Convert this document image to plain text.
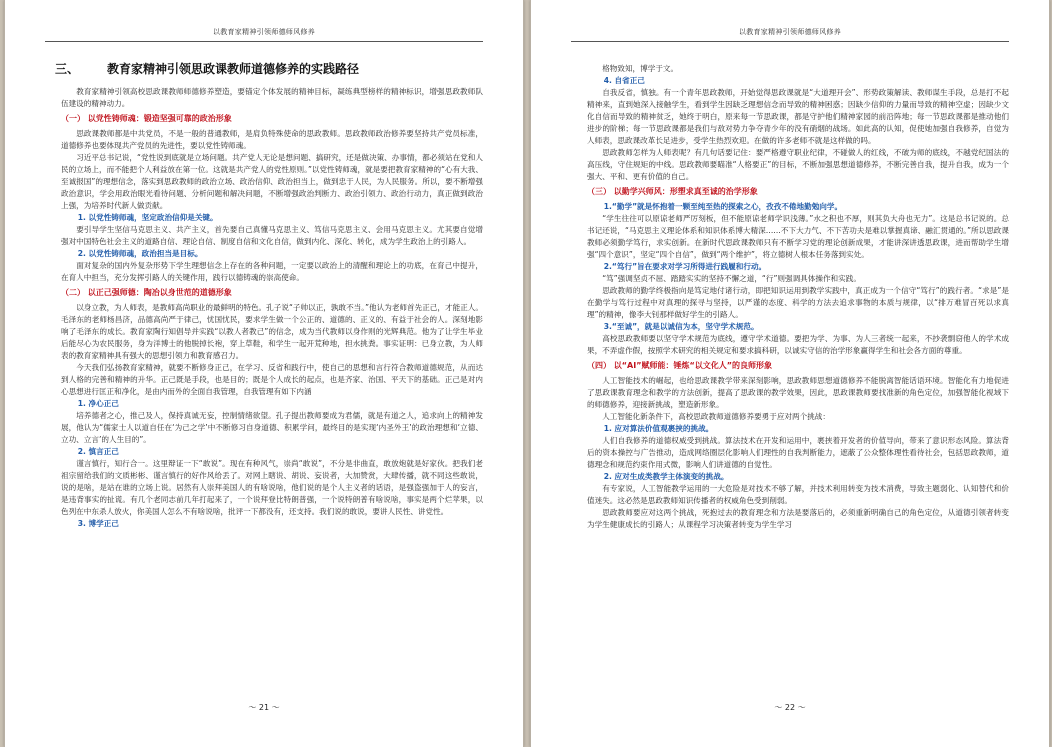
以教育家精神引领师德师风修养
三、 教育家精神引领思政课教师道德修养的实践路径

教育家精神引领高校思政课教师师德修养塑造，要锚定个体发展的精神目标，凝练典型榜样的精神标识，增强思政教师队伍建设的精神动力。

（一） 以党性铸师魂：锻造坚强可靠的政治形象

思政课教师都是中共党员，不是一般的普通教师，是肩负特殊使命的思政教师。思政教师政治修养要坚持共产党员标准，道德修养也要体现共产党员的先进性，要以党性铸师魂。

习近平总书记说，“党性说到底就是立场问题。共产党人无论是想问题、搞研究，还是做决策、办事情，都必须站在党和人民的立场上，而不能把个人利益放在第一位。这就是共产党人的党性原则。”以党性铸师魂，就是要把教育家精神的“心有大我、至诚报国”的理想信念，落实到思政教师的政治立场、政治信仰、政治担当上，做到忠于人民，为人民服务。所以，要不断增强政治意识，学会用政治眼光看待问题、分析问题和解决问题，不断增强政治判断力、政治引领力、政治行动力，真正做到政治上强，为培养时代新人做贡献。

1. 以党性铸师魂，坚定政治信仰是关键。

要引导学生坚信马克思主义、共产主义，首先要自己真懂马克思主义、笃信马克思主义、会用马克思主义。尤其要自觉增强对中国特色社会主义的道路自信、理论自信、制度自信和文化自信，做到内化、深化、转化，成为学生政治上的引路人。

2. 以党性铸师魂，政治担当是目标。

面对复杂的国内外复杂形势下学生理想信念上存在的各种问题，一定要以政治上的清醒和理论上的功底，在育己中提升，在育人中担当，充分发挥引路人的关键作用，践行以德铸魂的崇高使命。

（二） 以正己强师德：陶冶以身世范的道德形象

以身立教，为人师表，是教师高尚职业的最鲜明的特色。孔子说“子帅以正，孰敢不当。”他认为老师首先正己，才能正人。毛泽东的老师杨昌济，品德高尚严于律己，忧国忧民，要求学生做一个公正的、道德的、正义的、有益于社会的人。深刻地影响了毛泽东的成长。教育家陶行知倡导并实践“以教人者教己”的信念，成为当代教师以身作则的光辉典范。他为了让学生毕业后能尽心为农民服务，身为洋博士的他脱掉长袍，穿上草鞋，和学生一起开荒种地，担水挑粪。事实证明：已身立教，为人师表的教育家精神具有强大的思想引领力和教育感召力。

今天我们弘扬教育家精神，就要不断修身正己，在学习、反省和践行中，使自己的思想和言行符合教师道德规范，从而达到人格的完善和精神的升华。正己既是手段，也是目的；既是个人成长的起点，也是齐家、治国、平天下的基础。正己是对内心思想进行匡正和净化，是由内而外的全面自我管理，自我管理有如下内涵

1. 净心正己

培养德者之心，推己及人，保持真诚无妄，控制情绪欲望。孔子提出教师要成为君儒，就是有道之人，追求向上的精神发展，他认为“儒家士人以道自任在‘为己之学’中不断修习自身道德、积累学问，最终目的是实现‘内圣外王’的政治理想和‘立德、立功、立言’的人生目的”。

2. 慎言正己

谨言慎行，知行合一。这里辩证一下“敢说”。现在有种风气，崇尚“敢说”，不分是非曲直，敢放炮就是好家伙。把我们老祖宗留给我们的文质彬彬、谨言慎行的好作风给丢了。对网上瞎说、胡说、妄说者，大加赞赏，大肆传播，就不同这些敢说，说的是啥，是站在谁的立场上说。居然有人崇拜美国人的有啥说啥，他们说的是个人主义者的话语，是强盗强加于人的妄言，是违背事实的扯谎。有几个老同志前几年打起来了，一个说拜登比特朗普强，一个说特朗普有啥说啥，事实是两个烂苹果，以色列在中东杀人放火，你美国人怎么不有啥说啥，批评一下都没有，还支持。我们说的敢说，要讲人民性、讲党性。

3. 博学正己
～ 21 ～
以教育家精神引领师德师风修养

格物致知，博学于文。

4. 自省正己

自我反省，慎独。有一个青年思政教师，开始觉得思政课就是“大道理开会”、形势政策解读、教师谋生手段，总是打不起精神来，直到她深入接触学生，看到学生因缺乏理想信念而导致的精神困惑；因缺少信仰的力量而导致的精神空虚；因缺少文化自信而导致的精神贫乏，她终于明白，原来每一节思政课，都是守护他们精神家园的前沿阵地；每一节思政课都是推动他们进步的阶梯；每一节思政课都是我们与敌对势力争夺青少年的没有硝烟的战场。如此高的认知，促使她加强自我修养，自觉为人师表，思政课改革长足进步，受学生热烈欢迎。在做的许多老师不就是这样做的吗。

思政教师怎样为人师表呢？有几句话要记住：要严格遵守职业纪律，不碰做人的红线，不破为师的底线，不越党纪国法的高压线，守住规矩的中线。思政教师要瞄准“人格要正”的目标，不断加强思想道德修养，不断完善自我，提升自我，成为一个强大、平和、更有价值的自己。

（三） 以勤学兴师风：形塑求真至诚的治学形象
1.“勤学”就是怀抱着一颗至纯至热的探索之心，孜孜不倦地勤勉向学。

“学生往往可以原谅老师严厉刻板，但不能原谅老师学识浅薄。”水之积也不厚，则其负大舟也无力”。这是总书记说的。总书记还说，“马克思主义理论体系和知识体系博大精深……不下大力气、不下苦功夫是难以掌握真谛、融汇贯通的。”所以思政课教师必须勤学笃行，求实创新。在新时代思政课教师只有不断学习党的理论创新成果，才能讲深讲透思政课，进而帮助学生增强“四个意识”，坚定“四个自信”，做到“两个维护”，将立德树人根本任务落到实处。

2.“笃行”旨在要求对学习所得进行践履和行动。

“笃”强调坚贞不屈、踏踏实实的坚持不懈之道，“行”则强调具体操作和实践。

思政教师的勤学终极指向是笃定地付诸行动，即把知识运用到教学实践中，真正成为一个信守“笃行”的践行者。“求是”是在勤学与笃行过程中对真理的探寻与坚持，以严谨的态度、科学的方法去追求事物的本质与规律，以“排万难冒百死以求真理”的精神，像李大钊那样做好学生的引路人。

3.“至诚”，就是以诚信为本，坚守学术规范。

高校思政教师要以坚守学术规范为底线，遵守学术道德。要把为学、为事、为人三者统一起来，不抄袭剽窃他人的学术成果，不弄虚作假，按照学术研究的相关规定和要求搞科研，以诚实守信的治学形象赢得学生和社会各方面的尊重。

（四） 以“AI”赋师能：锤炼“以文化人”的良师形象

人工智能技术的崛起，也给思政课教学带来深刻影响，思政教师思想道德修养不能脱离智能话语环境。智能化有力地促进了思政课教育理念和教学的方法创新，提高了思政课的教学效果，因此，思政课教师要找准新的角色定位，加强智能化视域下的师德修养，迎接新挑战，塑造新形象。

人工智能化新条件下，高校思政教师道德修养要勇于应对两个挑战：

1. 应对算法价值观裹挟的挑战。

人们自我修养的道德权威受到挑战。算法技术在开发和运用中，裹挟着开发者的价值导向，带来了意识形态风险。算法背后的资本操控与广告推动，造成网络圈层化影响人们理性的自我判断能力，遮蔽了公众整体理性看待社会，包括思政教师，道德理念和规范约束作用式微，影响人们讲道德的自觉性。

2. 应对生成类教学主体演变的挑战。

有专家说，人工智能教学运用的一大危险是对技术不够了解，并技术利用转变为技术消费，导致主题弱化、认知替代和价值迷失。这必然是思政教师知识传播者的权威角色受到削弱。

思政教师要应对这两个挑战，死抱过去的教育理念和方法是要落后的，必须重新明确自己的角色定位，从道德引领者转变为学生健康成长的引路人；从课程学习决策者转变为学生学习

～ 22 ～
